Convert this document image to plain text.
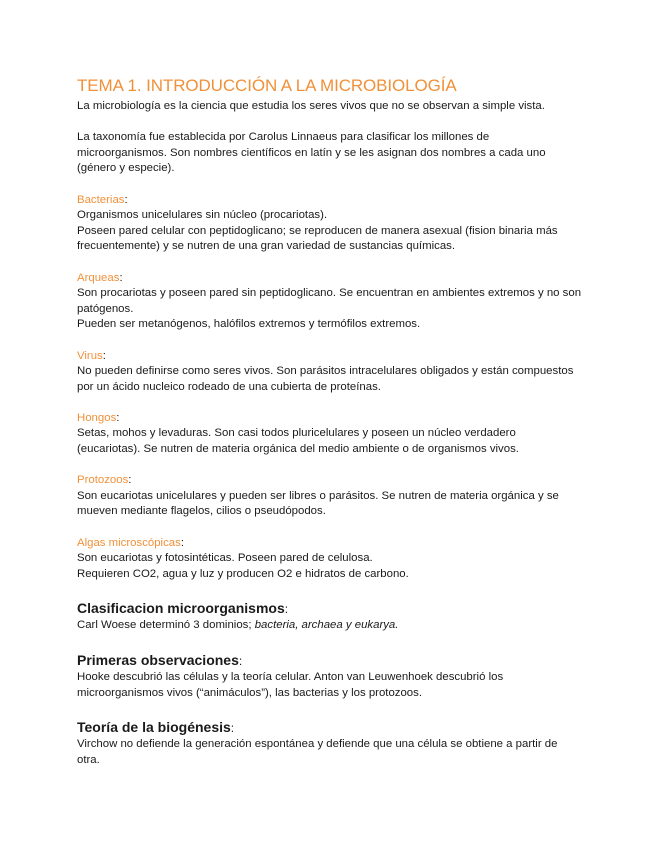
TEMA 1. INTRODUCCIÓN A LA MICROBIOLOGÍA

La microbiología es la ciencia que estudia los seres vivos que no se observan a simple vista.

La taxonomía fue establecida por Carolus Linnaeus para clasificar los millones de microorganismos. Son nombres científicos en latín y se les asignan dos nombres a cada uno (género y especie).

Bacterias:

Organismos unicelulares sin núcleo (procariotas).

Poseen pared celular con peptidoglicano; se reproducen de manera asexual (fision binaria más frecuentemente) y se nutren de una gran variedad de sustancias químicas.

Arqueas:

Son procariotas y poseen pared sin peptidoglicano. Se encuentran en ambientes extremos y no son patógenos.

Pueden ser metanógenos, halófilos extremos y termófilos extremos.

Virus:

No pueden definirse como seres vivos. Son parásitos intracelulares obligados y están compuestos por un ácido nucleico rodeado de una cubierta de proteínas.

Hongos:

Setas, mohos y levaduras. Son casi todos pluricelulares y poseen un núcleo verdadero (eucariotas). Se nutren de materia orgánica del medio ambiente o de organismos vivos.

Protozoos:

Son eucariotas unicelulares y pueden ser libres o parásitos. Se nutren de materia orgánica y se mueven mediante flagelos, cilios o pseudópodos.

Algas microscópicas:

Son eucariotas y fotosintéticas. Poseen pared de celulosa.

Requieren CO2, agua y luz y producen O2 e hidratos de carbono.

Clasificacion microorganismos:

Carl Woese determinó 3 dominios; bacteria, archaea y eukarya.

Primeras observaciones:

Hooke descubrió las células y la teoría celular. Anton van Leuwenhoek descubrió los microorganismos vivos (“animáculos”), las bacterias y los protozoos.

Teoría de la biogénesis:

Virchow no defiende la generación espontánea y defiende que una célula se obtiene a partir de otra.
